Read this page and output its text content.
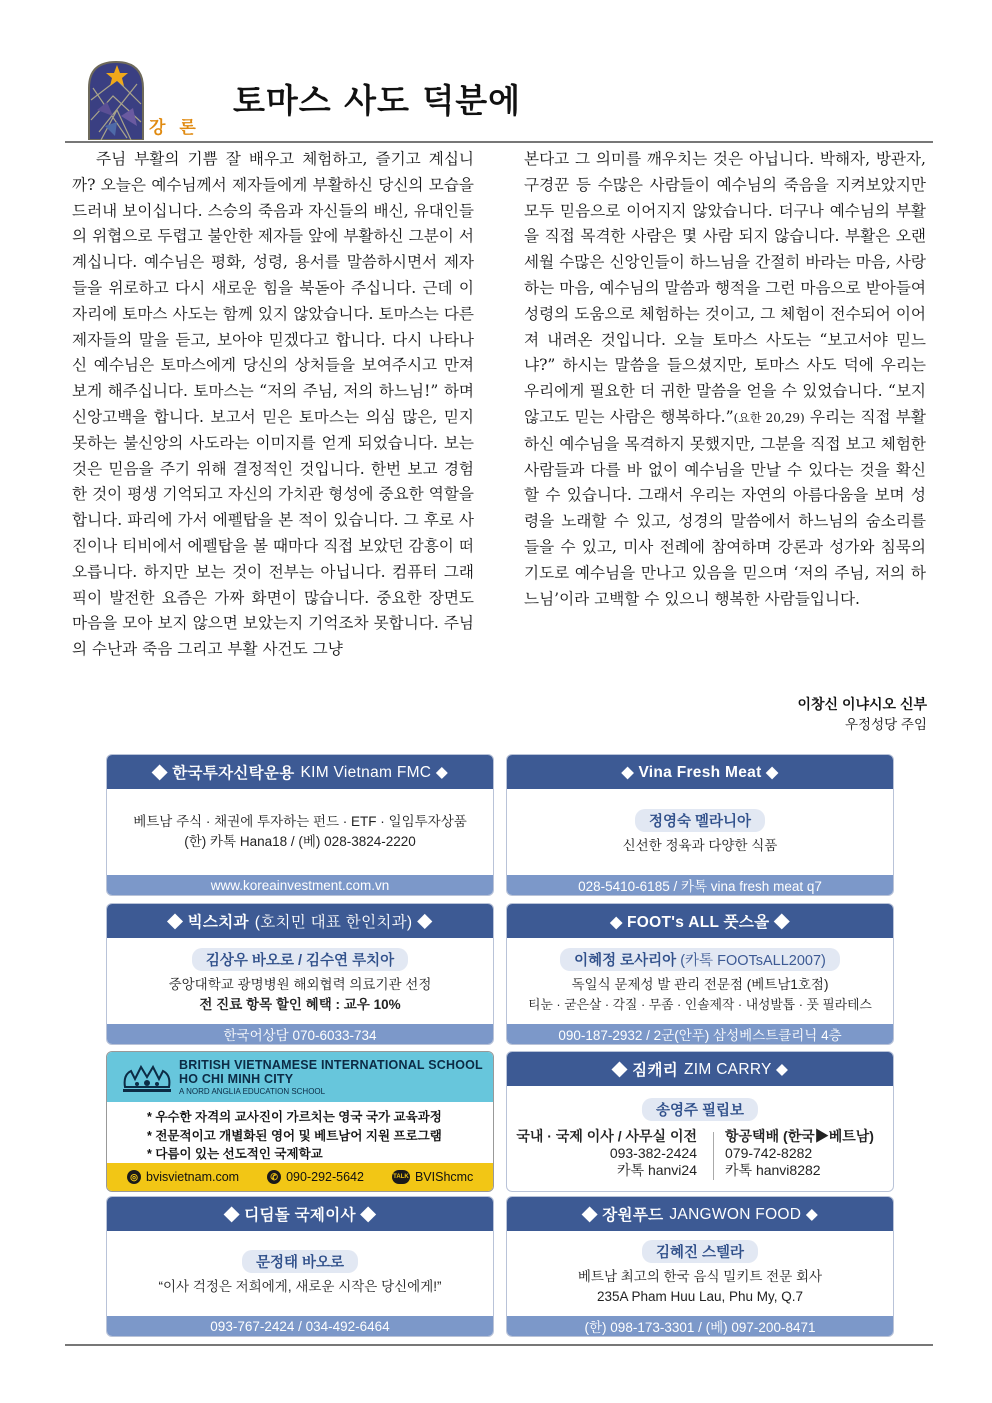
강 론
토마스 사도 덕분에

주님 부활의 기쁨 잘 배우고 체험하고, 즐기고 계십니까? 오늘은 예수님께서 제자들에게 부활하신 당신의 모습을 드러내 보이십니다. 스승의 죽음과 자신들의 배신, 유대인들의 위협으로 두렵고 불안한 제자들 앞에 부활하신 그분이 서 계십니다. 예수님은 평화, 성령, 용서를 말씀하시면서 제자들을 위로하고 다시 새로운 힘을 북돋아 주십니다. 근데 이 자리에 토마스 사도는 함께 있지 않았습니다. 토마스는 다른 제자들의 말을 듣고, 보아야 믿겠다고 합니다. 다시 나타나신 예수님은 토마스에게 당신의 상처들을 보여주시고 만져보게 해주십니다. 토마스는 “저의 주님, 저의 하느님!” 하며 신앙고백을 합니다. 보고서 믿은 토마스는 의심 많은, 믿지 못하는 불신앙의 사도라는 이미지를 얻게 되었습니다. 보는 것은 믿음을 주기 위해 결정적인 것입니다. 한번 보고 경험한 것이 평생 기억되고 자신의 가치관 형성에 중요한 역할을 합니다. 파리에 가서 에펠탑을 본 적이 있습니다. 그 후로 사진이나 티비에서 에펠탑을 볼 때마다 직접 보았던 감흥이 떠오릅니다. 하지만 보는 것이 전부는 아닙니다. 컴퓨터 그래픽이 발전한 요즘은 가짜 화면이 많습니다. 중요한 장면도 마음을 모아 보지 않으면 보았는지 기억조차 못합니다. 주님의 수난과 죽음 그리고 부활 사건도 그냥

본다고 그 의미를 깨우치는 것은 아닙니다. 박해자, 방관자, 구경꾼 등 수많은 사람들이 예수님의 죽음을 지켜보았지만 모두 믿음으로 이어지지 않았습니다. 더구나 예수님의 부활을 직접 목격한 사람은 몇 사람 되지 않습니다. 부활은 오랜 세월 수많은 신앙인들이 하느님을 간절히 바라는 마음, 사랑하는 마음, 예수님의 말씀과 행적을 그런 마음으로 받아들여 성령의 도움으로 체험하는 것이고, 그 체험이 전수되어 이어져 내려온 것입니다. 오늘 토마스 사도는 “보고서야 믿느냐?” 하시는 말씀을 들으셨지만, 토마스 사도 덕에 우리는 우리에게 필요한 더 귀한 말씀을 얻을 수 있었습니다. “보지 않고도 믿는 사람은 행복하다.”(요한 20,29) 우리는 직접 부활하신 예수님을 목격하지 못했지만, 그분을 직접 보고 체험한 사람들과 다를 바 없이 예수님을 만날 수 있다는 것을 확신할 수 있습니다. 그래서 우리는 자연의 아름다움을 보며 성령을 노래할 수 있고, 성경의 말씀에서 하느님의 숨소리를 들을 수 있고, 미사 전례에 참여하며 강론과 성가와 침묵의 기도로 예수님을 만나고 있음을 믿으며 ‘저의 주님, 저의 하느님’이라 고백할 수 있으니 행복한 사람들입니다.

이창신 이냐시오 신부
우정성당 주임
◆ 한국투자신탁운용 KIM Vietnam FMC ◆
베트남 주식 · 채권에 투자하는 펀드 · ETF · 일임투자상품
(한) 카톡 Hana18 / (베) 028-3824-2220
www.koreainvestment.com.vn
◆ Vina Fresh Meat ◆
정영숙 멜라니아
신선한 정육과 다양한 식품
028-5410-6185 / 카톡 vina fresh meat q7
◆ 빅스치과 (호치민 대표 한인치과) ◆
김상우 바오로 / 김수연 루치아
중앙대학교 광명병원 해외협력 의료기관 선정
전 진료 항목 할인 혜택 : 교우 10%
한국어상담 070-6033-734
◆ FOOT's ALL 풋스올 ◆
이혜정 로사리아 (카톡 FOOTsALL2007)
독일식 문제성 발 관리 전문점 (베트남1호점)
티눈 · 굳은살 · 각질 · 무좀 · 인솔제작 · 내성발톱 · 풋 필라테스
090-187-2932 / 2군(안푸) 삼성베스트클리닉 4층
BRITISH VIETNAMESE INTERNATIONAL SCHOOL
HO CHI MINH CITY
A NORD ANGLIA EDUCATION SCHOOL
* 우수한 자격의 교사진이 가르치는 영국 국가 교육과정
* 전문적이고 개별화된 영어 및 베트남어 지원 프로그램
* 다름이 있는 선도적인 국제학교
◎ bvisvietnam.com	✆ 090-292-5642	TALK BVIShcmc
◆ 짐캐리 ZIM CARRY ◆
송영주 필립보
국내 · 국제 이사 / 사무실 이전
093-382-2424
카톡 hanvi24
항공택배 (한국▶베트남)
079-742-8282
카톡 hanvi8282
◆ 디딤돌 국제이사 ◆
문정태 바오로
“이사 걱정은 저희에게, 새로운 시작은 당신에게!”
093-767-2424 / 034-492-6464
◆ 장원푸드 JANGWON FOOD ◆
김혜진 스텔라
베트남 최고의 한국 음식 밀키트 전문 회사
235A Pham Huu Lau, Phu My, Q.7
(한) 098-173-3301 / (베) 097-200-8471
